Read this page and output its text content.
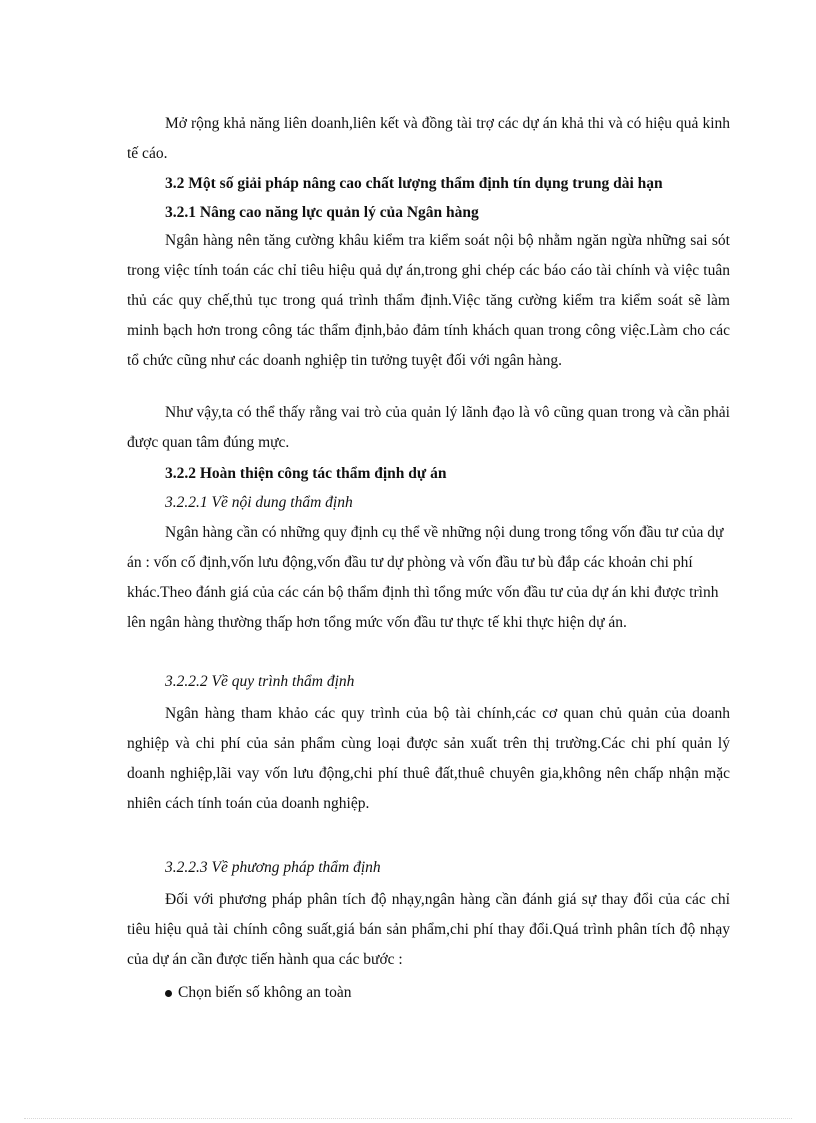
Mở rộng khả năng liên doanh,liên kết và đồng tài trợ các dự án khả thi và có hiệu quả kinh tế cáo.

3.2 Một số giải pháp nâng cao chất lượng thẩm định tín dụng trung dài hạn

3.2.1 Nâng cao năng lực quản lý của Ngân hàng

Ngân hàng nên tăng cường khâu kiểm tra kiểm soát nội bộ nhằm ngăn ngừa những sai sót trong việc tính toán các chỉ tiêu hiệu quả dự án,trong ghi chép các báo cáo tài chính và việc tuân thủ các quy chế,thủ tục trong quá trình thẩm định.Việc tăng cường kiểm tra kiểm soát sẽ làm minh bạch hơn trong công tác thẩm định,bảo đảm tính khách quan trong công việc.Làm cho các tổ chức cũng như các doanh nghiệp tin tưởng tuyệt đối với ngân hàng.

Như vậy,ta có thể thấy rằng vai trò của quản lý lãnh đạo là vô cũng quan trong và cần phải được quan tâm đúng mực.

3.2.2 Hoàn thiện công tác thẩm định dự án

3.2.2.1 Về nội dung thẩm định

Ngân hàng cần có những quy định cụ thể về những nội dung trong tổng vốn đầu tư của dự án : vốn cố định,vốn lưu động,vốn đầu tư dự phòng và vốn đầu tư bù đắp các khoản chi phí khác.Theo đánh giá của các cán bộ thẩm định thì tổng mức vốn đầu tư của dự án khi được trình lên ngân hàng thường thấp hơn tổng mức vốn đầu tư thực tế khi thực hiện dự án.

3.2.2.2 Về quy trình thẩm định

Ngân hàng tham khảo các quy trình của bộ tài chính,các cơ quan chủ quản của doanh nghiệp và chi phí của sản phẩm cùng loại được sản xuất trên thị trường.Các chi phí quản lý doanh nghiệp,lãi vay vốn lưu động,chi phí thuê đất,thuê chuyên gia,không nên chấp nhận mặc nhiên cách tính toán của doanh nghiệp.

3.2.2.3 Về phương pháp thẩm định

Đối với phương pháp phân tích độ nhạy,ngân hàng cần đánh giá sự thay đổi của các chỉ tiêu hiệu quả tài chính công suất,giá bán sản phẩm,chi phí thay đổi.Quá trình phân tích độ nhạy của dự án cần được tiến hành qua các bước :

Chọn biến số không an toàn
